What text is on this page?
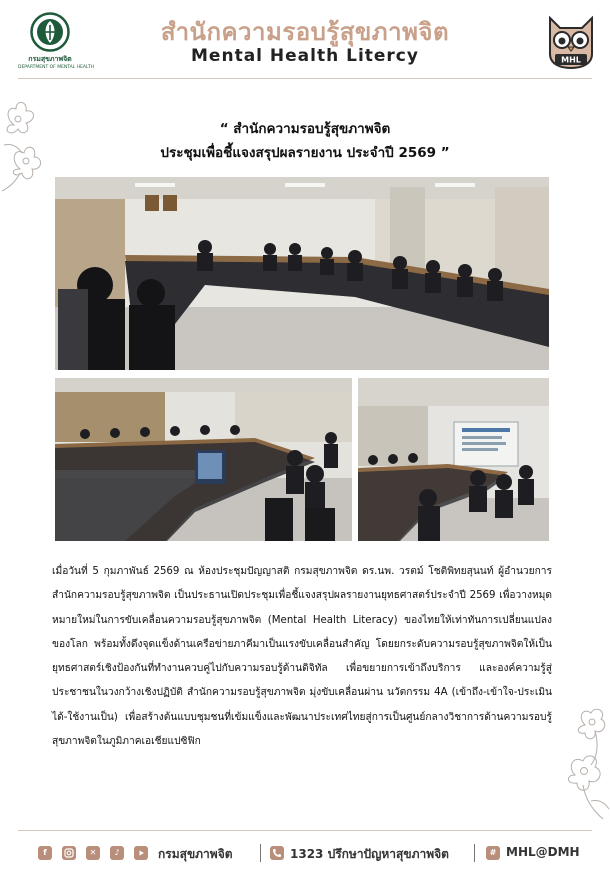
กรมสุขภาพจิต
DEPARTMENT OF MENTAL HEALTH
สำนักความรอบรู้สุขภาพจิต
Mental Health Litercy	MHL
“ สำนักความรอบรู้สุขภาพจิต
ประชุมเพื่อชี้แจงสรุปผลรายงาน ประจำปี 2569 ”

เมื่อวันที่ 5 กุมภาพันธ์ 2569 ณ ห้องประชุมปัญญาสติ กรมสุขภาพจิต ดร.นพ. วรตม์ โชติพิทยสุนนท์ ผู้อำนวยการสำนักความรอบรู้สุขภาพจิต เป็นประธานเปิดประชุมเพื่อชี้แจงสรุปผลรายงานยุทธศาสตร์ประจำปี 2569 เพื่อวางหมุดหมายใหม่ในการขับเคลื่อนความรอบรู้สุขภาพจิต (Mental Health Literacy) ของไทยให้เท่าทันการเปลี่ยนแปลงของโลก พร้อมทั้งดึงจุดแข็งด้านเครือข่ายภาคีมาเป็นแรงขับเคลื่อนสำคัญ โดยยกระดับความรอบรู้สุขภาพจิตให้เป็นยุทธศาสตร์เชิงป้องกันที่ทำงานควบคู่ไปกับความรอบรู้ด้านดิจิทัล เพื่อขยายการเข้าถึงบริการ และองค์ความรู้สู่ประชาชนในวงกว้างเชิงปฏิบัติ สำนักความรอบรู้สุขภาพจิต มุ่งขับเคลื่อนผ่าน นวัตกรรม 4A (เข้าถึง-เข้าใจ-ประเมินได้-ใช้งานเป็น) เพื่อสร้างต้นแบบชุมชนที่เข้มแข็งและพัฒนาประเทศไทยสู่การเป็นศูนย์กลางวิชาการด้านความรอบรู้สุขภาพจิตในภูมิภาคเอเชียแปซิฟิก

f	✕	♪	กรมสุขภาพจิต	1323 ปรึกษาปัญหาสุขภาพจิต	# MHL@DMH
